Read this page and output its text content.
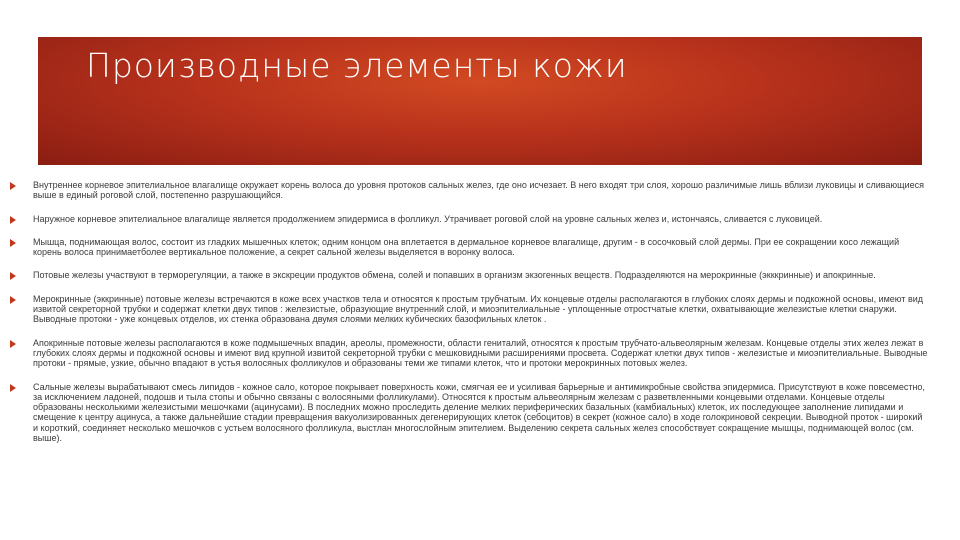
Производные элементы кожи
Внутреннее корневое эпителиальное влагалище окружает корень волоса до уровня протоков сальных желез, где оно исчезает. В него входят три слоя, хорошо различимые лишь вблизи луковицы и сливающиеся выше в единый роговой слой, постепенно разрушающийся.
Наружное корневое эпителиальное влагалище является продолжением эпидермиса в фолликул. Утрачивает роговой слой на уровне сальных желез и, истончаясь, сливается с луковицей.
Мышца, поднимающая волос, состоит из гладких мышечных клеток; одним концом она вплетается в дермальное корневое влагалище, другим - в сосочковый слой дермы. При ее сокращении косо лежащий корень волоса принимаетболее вертикальное положение, а секрет сальной железы выделяется в воронку волоса.
Потовые железы участвуют в терморегуляции, а также в экскреции продуктов обмена, солей и попавших в организм экзогенных веществ. Подразделяются на мерокринные (экккринные) и апокринные.
Мерокринные (эккринные) потовые железы встречаются в коже всех участков тела и относятся к простым трубчатым. Их концевые отделы располагаются в глубоких слоях дермы и подкожной основы, имеют вид извитой секреторной трубки и содержат клетки двух типов : железистые, образующие внутренний слой, и миоэпителиальные - уплощенные отростчатые клетки, охватывающие железистые клетки снаружи. Выводные протоки - уже концевых отделов, их стенка образована двумя слоями мелких кубических базофильных клеток .
Апокринные потовые железы располагаются в коже подмышечных впадин, ареолы, промежности, области гениталий, относятся к простым трубчато-альвеолярным железам. Концевые отделы этих желез лежат в глубоких слоях дермы и подкожной основы и имеют вид крупной извитой секреторной трубки с мешковидными расширениями просвета. Содержат клетки двух типов - железистые и миоэпителиальные. Выводные протоки - прямые, узкие, обычно впадают в устья волосяных фолликулов и образованы теми же типами клеток, что и протоки мерокринных потовых желез.
Сальные железы вырабатывают смесь липидов - кожное сало, которое покрывает поверхность кожи, смягчая ее и усиливая барьерные и антимикробные свойства эпидермиса. Присутствуют в коже повсеместно, за исключением ладоней, подошв и тыла стопы и обычно связаны с волосяными фолликулами). Относятся к простым альвеолярным железам с разветвленными концевыми отделами. Концевые отделы образованы несколькими железистыми мешочками (ацинусами). В последних можно проследить деление мелких периферических базальных (камбиальных) клеток, их последующее заполнение липидами и смещение к центру ацинуса, а также дальнейшие стадии превращения вакуолизированных дегенерирующих клеток (себоцитов) в секрет (кожное сало) в ходе голокриновой секреции. Выводной проток - широкий и короткий, соединяет несколько мешочков с устьем волосяного фолликула, выстлан многослойным эпителием. Выделению секрета сальных желез способствует сокращение мышцы, поднимающей волос (см. выше).
